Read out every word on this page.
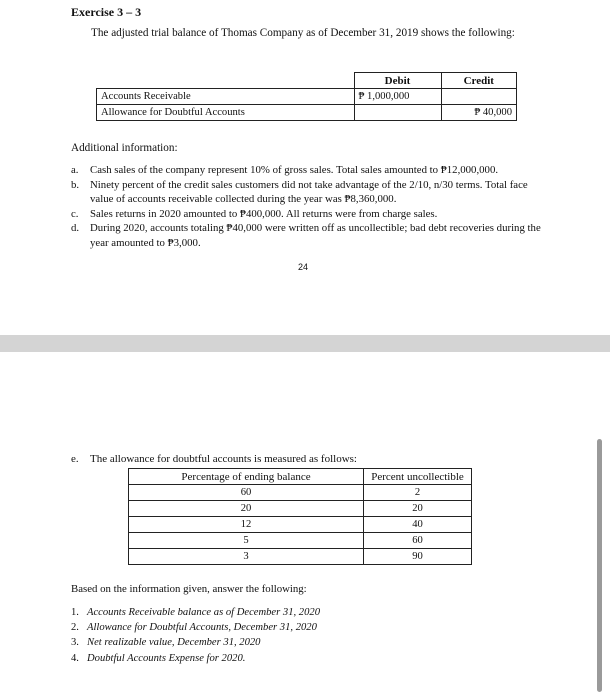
Exercise 3 – 3
The adjusted trial balance of Thomas Company as of December 31, 2019 shows the following:
	Debit	Credit
Accounts Receivable	₱ 1,000,000	
Allowance for Doubtful Accounts		₱ 40,000
Additional information:
a. Cash sales of the company represent 10% of gross sales. Total sales amounted to ₱12,000,000.
b. Ninety percent of the credit sales customers did not take advantage of the 2/10, n/30 terms. Total face value of accounts receivable collected during the year was ₱8,360,000.
c. Sales returns in 2020 amounted to ₱400,000. All returns were from charge sales.
d. During 2020, accounts totaling ₱40,000 were written off as uncollectible; bad debt recoveries during the year amounted to ₱3,000.
24
e. The allowance for doubtful accounts is measured as follows:
Percentage of ending balance	Percent uncollectible
60	2
20	20
12	40
5	60
3	90
Based on the information given, answer the following:
1. Accounts Receivable balance as of December 31, 2020
2. Allowance for Doubtful Accounts, December 31, 2020
3. Net realizable value, December 31, 2020
4. Doubtful Accounts Expense for 2020.
